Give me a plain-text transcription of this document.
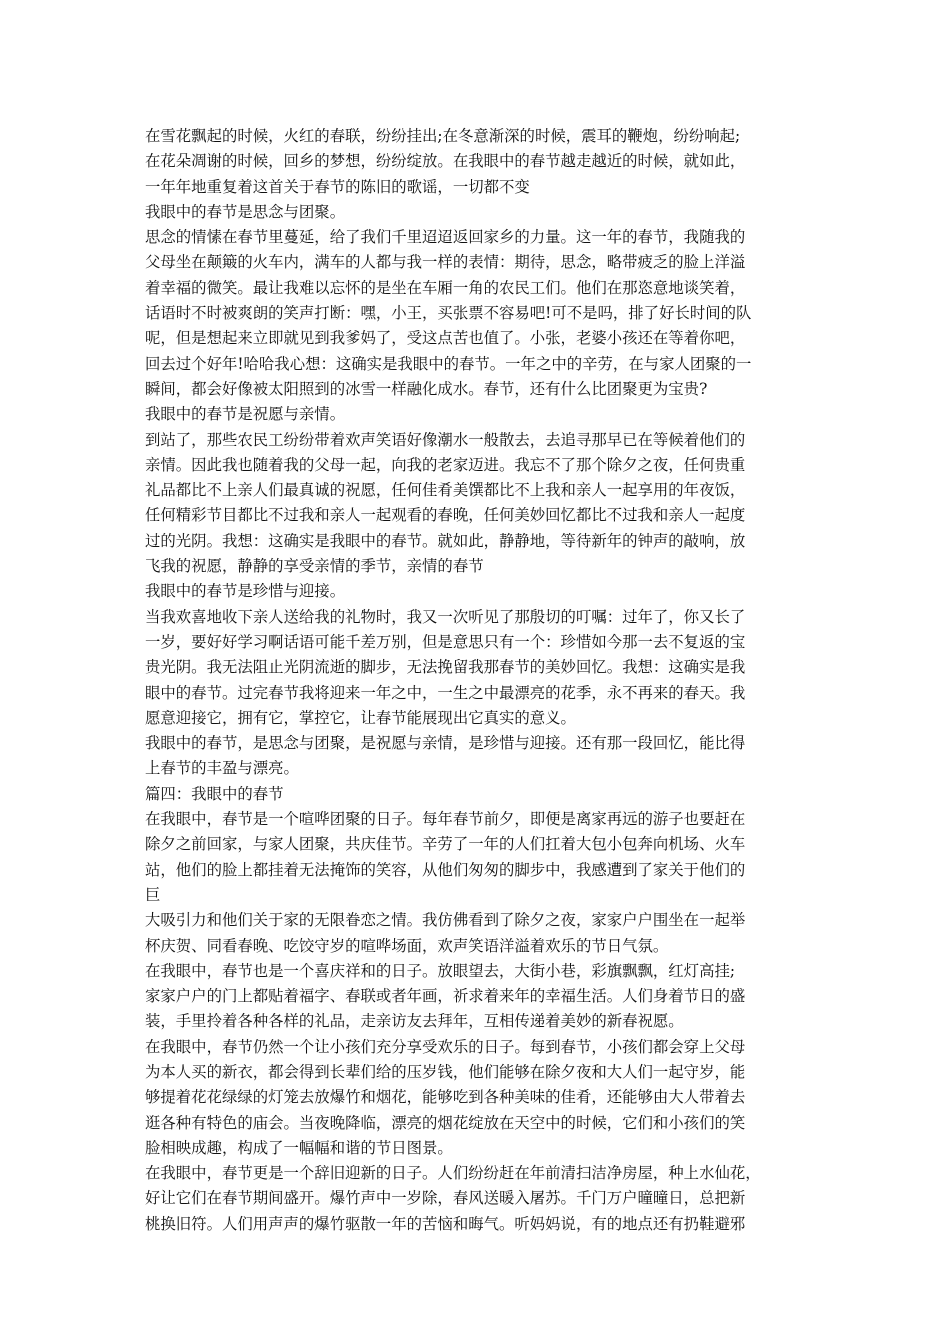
在雪花飘起的时候，火红的春联，纷纷挂出;在冬意渐深的时候，震耳的鞭炮，纷纷响起;
在花朵凋谢的时候，回乡的梦想，纷纷绽放。在我眼中的春节越走越近的时候，就如此，
一年年地重复着这首关于春节的陈旧的歌谣，一切都不变
我眼中的春节是思念与团聚。
思念的情愫在春节里蔓延，给了我们千里迢迢返回家乡的力量。这一年的春节，我随我的
父母坐在颠簸的火车内，满车的人都与我一样的表情：期待，思念，略带疲乏的脸上洋溢
着幸福的微笑。最让我难以忘怀的是坐在车厢一角的农民工们。他们在那恣意地谈笑着，
话语时不时被爽朗的笑声打断：嘿，小王，买张票不容易吧!可不是吗，排了好长时间的队
呢，但是想起来立即就见到我爹妈了，受这点苦也值了。小张，老婆小孩还在等着你吧，
回去过个好年!哈哈我心想：这确实是我眼中的春节。一年之中的辛劳，在与家人团聚的一
瞬间，都会好像被太阳照到的冰雪一样融化成水。春节，还有什么比团聚更为宝贵?
我眼中的春节是祝愿与亲情。
到站了，那些农民工纷纷带着欢声笑语好像潮水一般散去，去追寻那早已在等候着他们的
亲情。因此我也随着我的父母一起，向我的老家迈进。我忘不了那个除夕之夜，任何贵重
礼品都比不上亲人们最真诚的祝愿，任何佳肴美馔都比不上我和亲人一起享用的年夜饭，
任何精彩节目都比不过我和亲人一起观看的春晚，任何美妙回忆都比不过我和亲人一起度
过的光阴。我想：这确实是我眼中的春节。就如此，静静地，等待新年的钟声的敲响，放
飞我的祝愿，静静的享受亲情的季节，亲情的春节
我眼中的春节是珍惜与迎接。
当我欢喜地收下亲人送给我的礼物时，我又一次听见了那殷切的叮嘱：过年了，你又长了
一岁，要好好学习啊话语可能千差万别，但是意思只有一个：珍惜如今那一去不复返的宝
贵光阴。我无法阻止光阴流逝的脚步，无法挽留我那春节的美妙回忆。我想：这确实是我
眼中的春节。过完春节我将迎来一年之中，一生之中最漂亮的花季，永不再来的春天。我
愿意迎接它，拥有它，掌控它，让春节能展现出它真实的意义。
我眼中的春节，是思念与团聚，是祝愿与亲情，是珍惜与迎接。还有那一段回忆，能比得
上春节的丰盈与漂亮。
篇四：我眼中的春节
在我眼中，春节是一个喧哗团聚的日子。每年春节前夕，即便是离家再远的游子也要赶在
除夕之前回家，与家人团聚，共庆佳节。辛劳了一年的人们扛着大包小包奔向机场、火车
站，他们的脸上都挂着无法掩饰的笑容，从他们匆匆的脚步中，我感遭到了家关于他们的
巨
大吸引力和他们关于家的无限眷恋之情。我仿佛看到了除夕之夜，家家户户围坐在一起举
杯庆贺、同看春晚、吃饺守岁的喧哗场面，欢声笑语洋溢着欢乐的节日气氛。
在我眼中，春节也是一个喜庆祥和的日子。放眼望去，大街小巷，彩旗飘飘，红灯高挂;
家家户户的门上都贴着福字、春联或者年画，祈求着来年的幸福生活。人们身着节日的盛
装，手里拎着各种各样的礼品，走亲访友去拜年，互相传递着美妙的新春祝愿。
在我眼中，春节仍然一个让小孩们充分享受欢乐的日子。每到春节，小孩们都会穿上父母
为本人买的新衣，都会得到长辈们给的压岁钱，他们能够在除夕夜和大人们一起守岁，能
够提着花花绿绿的灯笼去放爆竹和烟花，能够吃到各种美味的佳肴，还能够由大人带着去
逛各种有特色的庙会。当夜晚降临，漂亮的烟花绽放在天空中的时候，它们和小孩们的笑
脸相映成趣，构成了一幅幅和谐的节日图景。
在我眼中，春节更是一个辞旧迎新的日子。人们纷纷赶在年前清扫洁净房屋，种上水仙花，
好让它们在春节期间盛开。爆竹声中一岁除，春风送暖入屠苏。千门万户曈曈日，总把新
桃换旧符。人们用声声的爆竹驱散一年的苦恼和晦气。听妈妈说，有的地点还有扔鞋避邪
